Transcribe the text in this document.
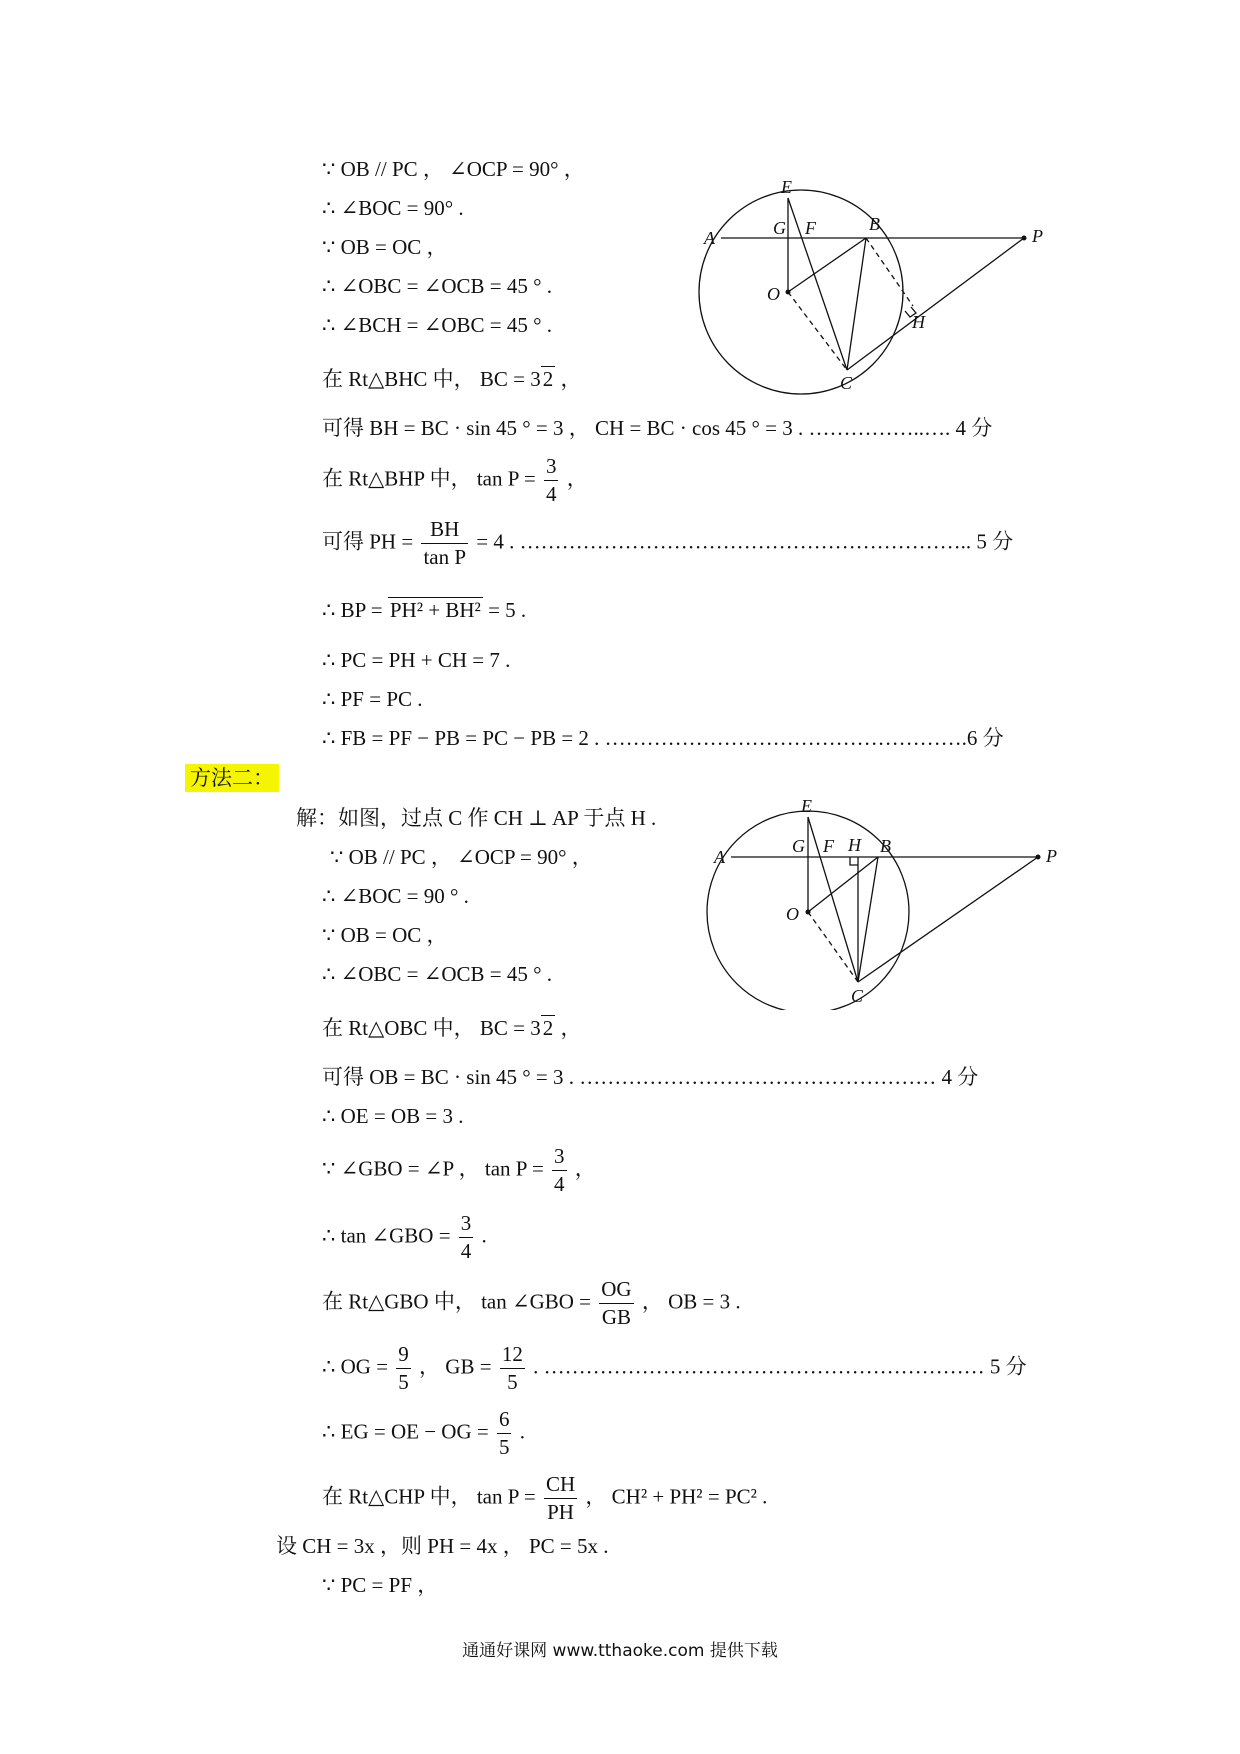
∵ OB // PC ， ∠OCP = 90° ，
∴ ∠BOC = 90° .
∵ OB = OC ，
∴ ∠OBC = ∠OCB = 45 ° .
∴ ∠BCH = ∠OBC = 45 ° .
在 Rt△BHC 中， BC = 32 ，
可得 BH = BC · sin 45 ° = 3 ， CH = BC · cos 45 ° = 3 . ……………..…. 4 分
在 Rt△BHP 中， $\tan P = \frac{3}{4}$ ，
可得 PH = $\frac{BH}{\text{tan P}} = 4$ . ……………………………………………………….. 5 分
∴ BP = PH² + BH² = 5 .
∴ PC = PH + CH = 7 .
∴ PF = PC .
∴ FB = PF − PB = PC − PB = 2 . …………………………………………….6 分
E
A	G F	B
P
O
H
C
方法二：
解：如图，过点 C 作 CH ⊥ AP 于点 H .
∵ OB // PC ， ∠OCP = 90° ，
∴ ∠BOC = 90 ° .
∵ OB = OC ，
∴ ∠OBC = ∠OCB = 45 ° .
在 Rt△OBC 中， BC = 32 ，
可得 OB = BC · sin 45 ° = 3 . …………………………………………… 4 分
∴ OE = OB = 3 .
∵ ∠GBO = ∠P ， $\tan P = \frac{3}{4}$ ，
∴ tan ∠GBO = $\frac{3}{4}$ .
在 Rt△GBO 中， tan ∠GBO = $\frac{OG}{GB}$ ， OB = 3 .
∴ OG = $\frac{9}{5}$ ， GB = $\frac{12}{5}$ . ……………………………………………………… 5 分
∴ EG = OE − OG = $\frac{6}{5}$ .
在 Rt△CHP 中， $\tan P = \frac{CH}{PH}$ ， CH² + PH² = PC² .
设 CH = 3x ，则 PH = 4x ， PC = 5x .
∵ PC = PF ，
E
A
G F H B	P
O
C
通通好课网 www.tthaoke.com 提供下载
